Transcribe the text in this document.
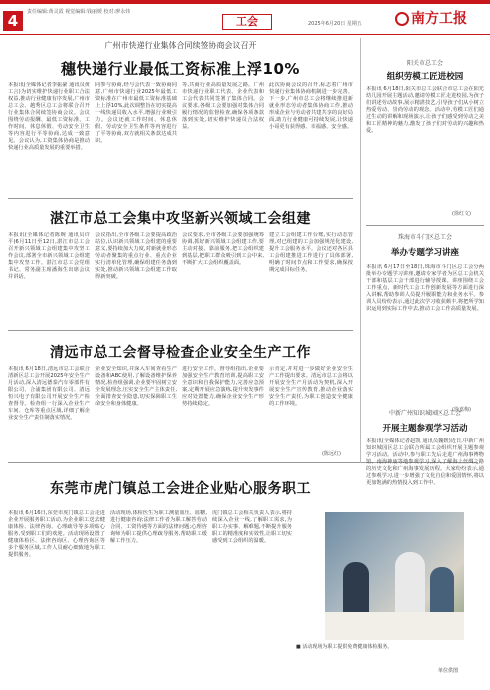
4	责任编辑:黄灵霞 视觉编辑:钱丽媛 校对:廖永炜
工会	2025年6月20日 星期五	南方工报
广州市快递行业集体合同续签协商会议召开
穗快递行业最低工资标准上浮10%
本报讯(全媒体记者李振豪 通讯员黄工言)为切实维护快递行业职工合法权益,推动行业健康有序发展,广州市总工会、越秀区总工会将联合召开行业集体合同续签协商会议。会议围绕劳动报酬、最低工资标准、工作时间、休息休假、劳动安全卫生等内容进行平等协商,达成一致意见。会议认为,工资集体协商是推动快递行业高质量发展的重要举措。
同参与协商,经与会代表一致协商同意,广州市快递行业2025年最低工资标准在广州市最低工资标准基础上上浮10%,此次调整旨在切实提高一线快递员收入水平,增强行业吸引力。会议还就工作时间、休息休假、劳动安全卫生条件等内容进行了平等协商,双方就相关条款达成共识。
等,共商行业高质量发展之路。广州市快递行业职工代表、企业代表和工会代表共同签署了集体合同。会议要求,各级工会要加强对集体合同履行情况的监督检查,确保各项条款落到实处,切实维护快递员合法权益。
此次协商会议的召开,标志着广州市快递行业集体协商机制进一步完善。下一步,广州市总工会将继续推进新就业形态劳动者集体协商工作,推动形成企业与劳动者共建共享的良好局面,助力行业健康可持续发展,让快递小哥更有获得感、幸福感、安全感。
湛江市总工会集中攻坚新兴领域工会组建
本报讯(全媒体记者陈婉 通讯员许平)6月11日至12日,湛江市总工会召开新兴领域工会组建集中攻坚工作会议,部署全市新兴领域工会组建集中攻坚工作。湛江市总工会党组书记、常务副主席潘海生出席会议并讲话。
会议指出,全市各级工会要提高政治站位,认识新兴领域工会组建的重要意义,要持续加大力度,对新就业形态劳动者聚集的重点行业、重点企业实行清单化管理,确保组建任务落到实处,推动新兴领域工会组建工作取得新突破。
会议要求,全市各级工会要加强统筹协调,抓好新兴领域工会组建工作,要主动对接、靠前服务,把工会组织建到基层,把职工群众吸引到工会中来,不断扩大工会组织覆盖面。
建立工会组建工作台账,实行动态管理,对已组建的工会加强规范化建设,提升工会服务水平。会议还对各区县工会组建推进工作进行了具体部署,明确了时间节点和工作要求,确保按期完成目标任务。
清远市总工会督导检查企业安全生产工作
本报讯 6月18日,清远市总工会联合清新区总工会开展2025年安全生产月活动,深入清远德泰汽车零部件有限公司、合浦集团有限公司、清远恒兴电子有限公司开展安全生产检查督导。检查组一行深入企业生产车间、仓库等重点区域,详细了解企业安全生产责任制落实情况。
企业安全知识,并深入车间查看生产设备和ABC使用,了解设备维护保养情况,检查组强调,企业要牢固树立安全发展理念,压实安全生产主体责任,全面排查安全隐患,切实保障职工生命安全和身体健康。
进行安全工作。督导组指出,企业要加强安全生产教育培训,提高职工安全意识和自我保护能力,完善应急预案,定期开展应急演练,提升突发事件应对处置能力,确保企业安全生产形势持续稳定。
示肯定,并对进一步做好企业安全生产工作提出要求。清远市总工会将以开展安全生产月活动为契机,深入开展安全生产宣传教育,推动企业落实安全生产责任,为职工创造安全健康的工作环境。
(陈远红)
东莞市虎门镇总工会进企业贴心服务职工
本报讯 6月16日,东莞市虎门镇总工会走进企业开展服务职工活动,为企业职工送去健康体检、法律咨询、心理疏导等多项贴心服务,受到职工们的欢迎。活动现场设置了健康体检区、法律咨询区、心理咨询区等多个服务区域,工作人员耐心细致地为职工提供服务。
活动现场,体检医生为职工测量血压、血糖,进行健康咨询;法律工作者为职工解答劳动合同、工资待遇等方面的法律问题;心理咨询师为职工提供心理疏导服务,帮助职工缓解工作压力。
虎门镇总工会相关负责人表示,将持续深入企业一线,了解职工需求,为职工办实事、解难题,不断提升服务职工的精准度和实效性,让职工切实感受到工会组织的温暖。
■ 活动现场为职工提供免费健康体检服务。
单位供图
阳关市总工会
组织劳模工匠进校园
本报讯 6月18日,阳关市总工会联合市总工会在阳光幼儿园开展主题活动,邀请劳模工匠走进校园,为孩子们讲述劳动故事,展示精湛技艺,引导孩子们从小树立热爱劳动、崇尚劳动的观念。活动中,劳模工匠们通过生动的讲解和现场演示,让孩子们感受到劳动之美和工匠精神的魅力,激发了孩子们对劳动的兴趣和热爱。
(徐红文)
珠海市斗门区总工会
举办专题学习讲座
本报讯 6月17日至18日,珠海市斗门区总工会分两批举办专题学习讲座,邀请专家学者为区总工会机关干部和基层工会干部进行辅导授课。讲座围绕工会工作重点、新时代工会工作创新发展等方面进行深入讲解,帮助参训人员提升履职能力和业务水平。参训人员纷纷表示,通过此次学习收获颇丰,将把所学知识运用到实际工作中去,推动工会工作高质量发展。
(徐嘉梅)
中新广州知识城园区总工会
开展主题参观学习活动
本报讯(全媒体记者赵凯 通讯员魏媛)近日,中新广州知识城园区总工会联合所属工会组织开展主题参观学习活动。活动中,参与职工先后走进广州海事博物馆、南海神庙等地参观学习,深入了解海上丝绸之路的历史文化和广州海事发展历程。大家纷纷表示,通过参观学习,进一步增强了文化自信和爱国情怀,将以更加饱满的热情投入到工作中。
